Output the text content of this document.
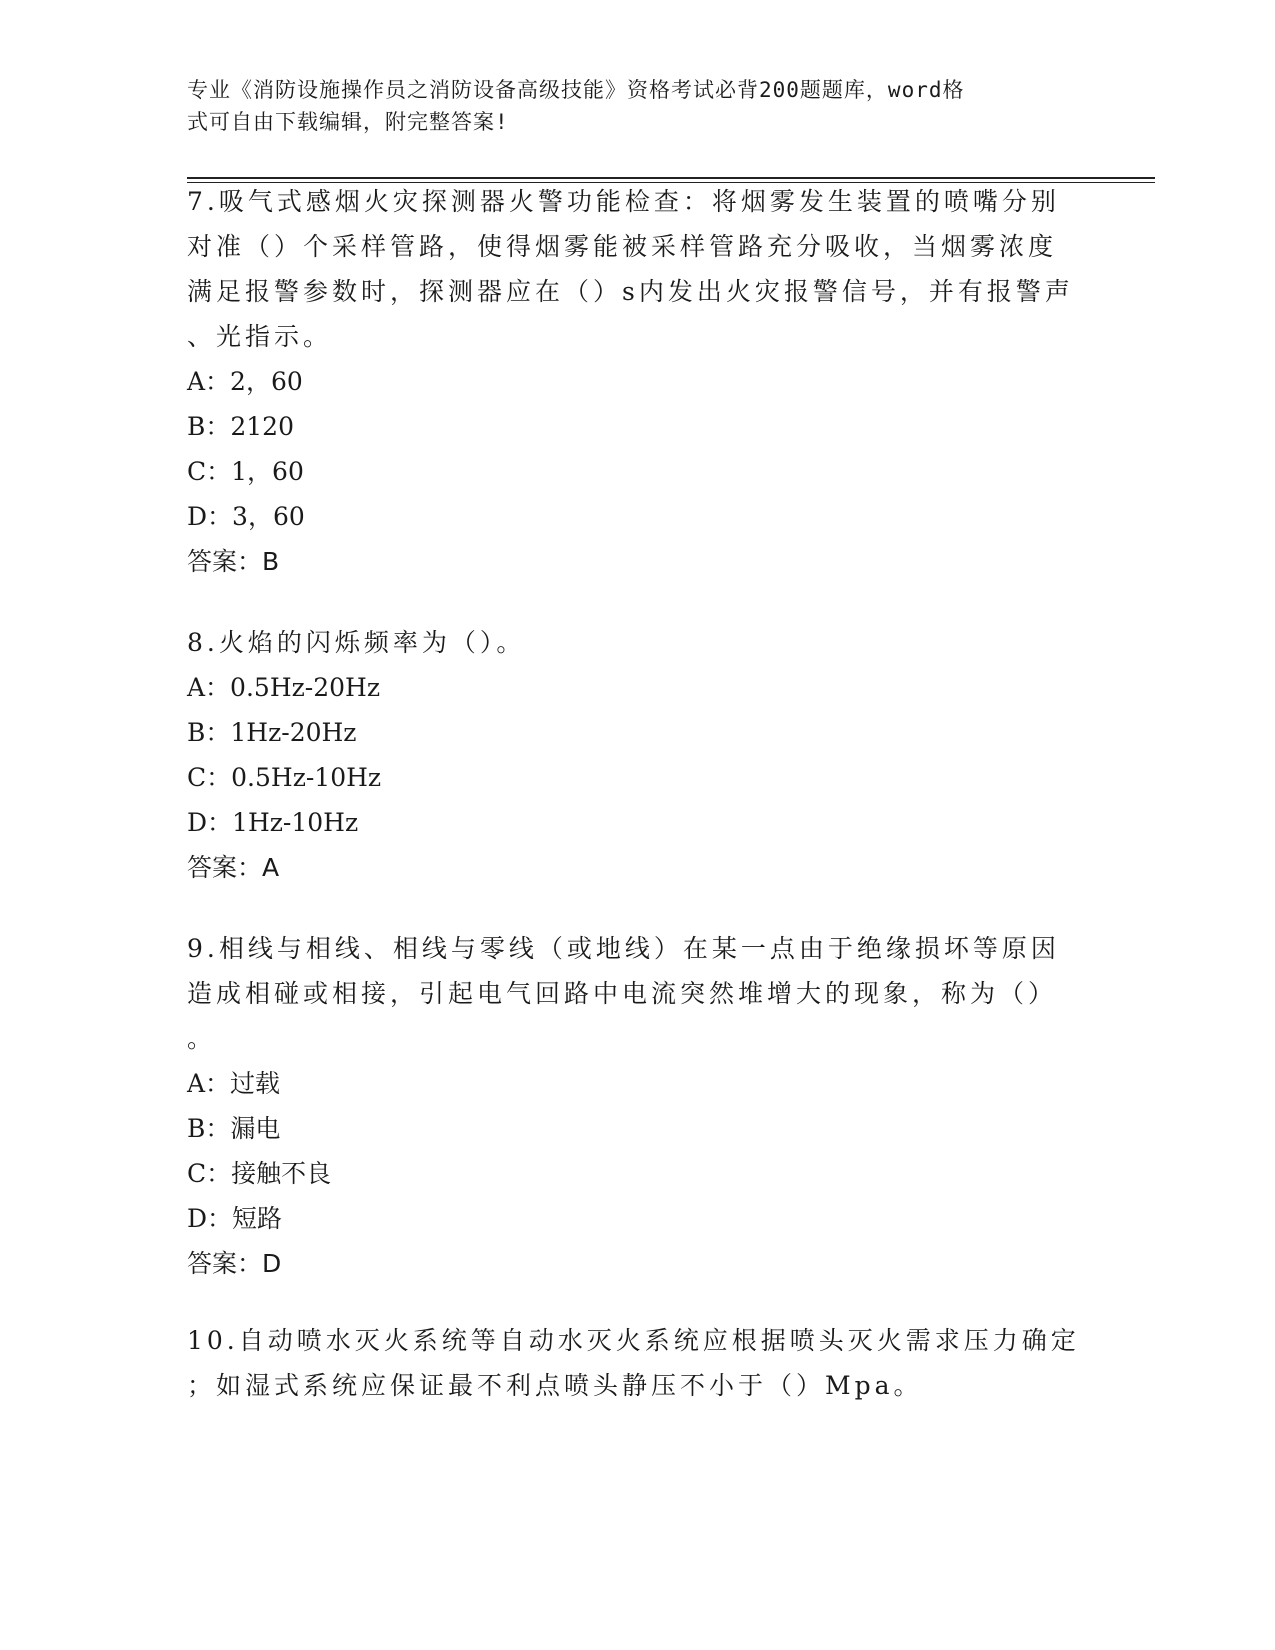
专业《消防设施操作员之消防设备高级技能》资格考试必背200题题库，word格
式可自由下载编辑，附完整答案!
7.吸气式感烟火灾探测器火警功能检查：将烟雾发生装置的喷嘴分别
对准（）个采样管路，使得烟雾能被采样管路充分吸收，当烟雾浓度
满足报警参数时，探测器应在（）s内发出火灾报警信号，并有报警声
、光指示。
A：2，60
B：2120
C：1，60
D：3，60
答案：B
8.火焰的闪烁频率为（）。
A：0.5Hz-20Hz
B：1Hz-20Hz
C：0.5Hz-10Hz
D：1Hz-10Hz
答案：A
9.相线与相线、相线与零线（或地线）在某一点由于绝缘损坏等原因
造成相碰或相接，引起电气回路中电流突然堆增大的现象，称为（）
。
A：过载
B：漏电
C：接触不良
D：短路
答案：D
10.自动喷水灭火系统等自动水灭火系统应根据喷头灭火需求压力确定
；如湿式系统应保证最不利点喷头静压不小于（）Mpa。
